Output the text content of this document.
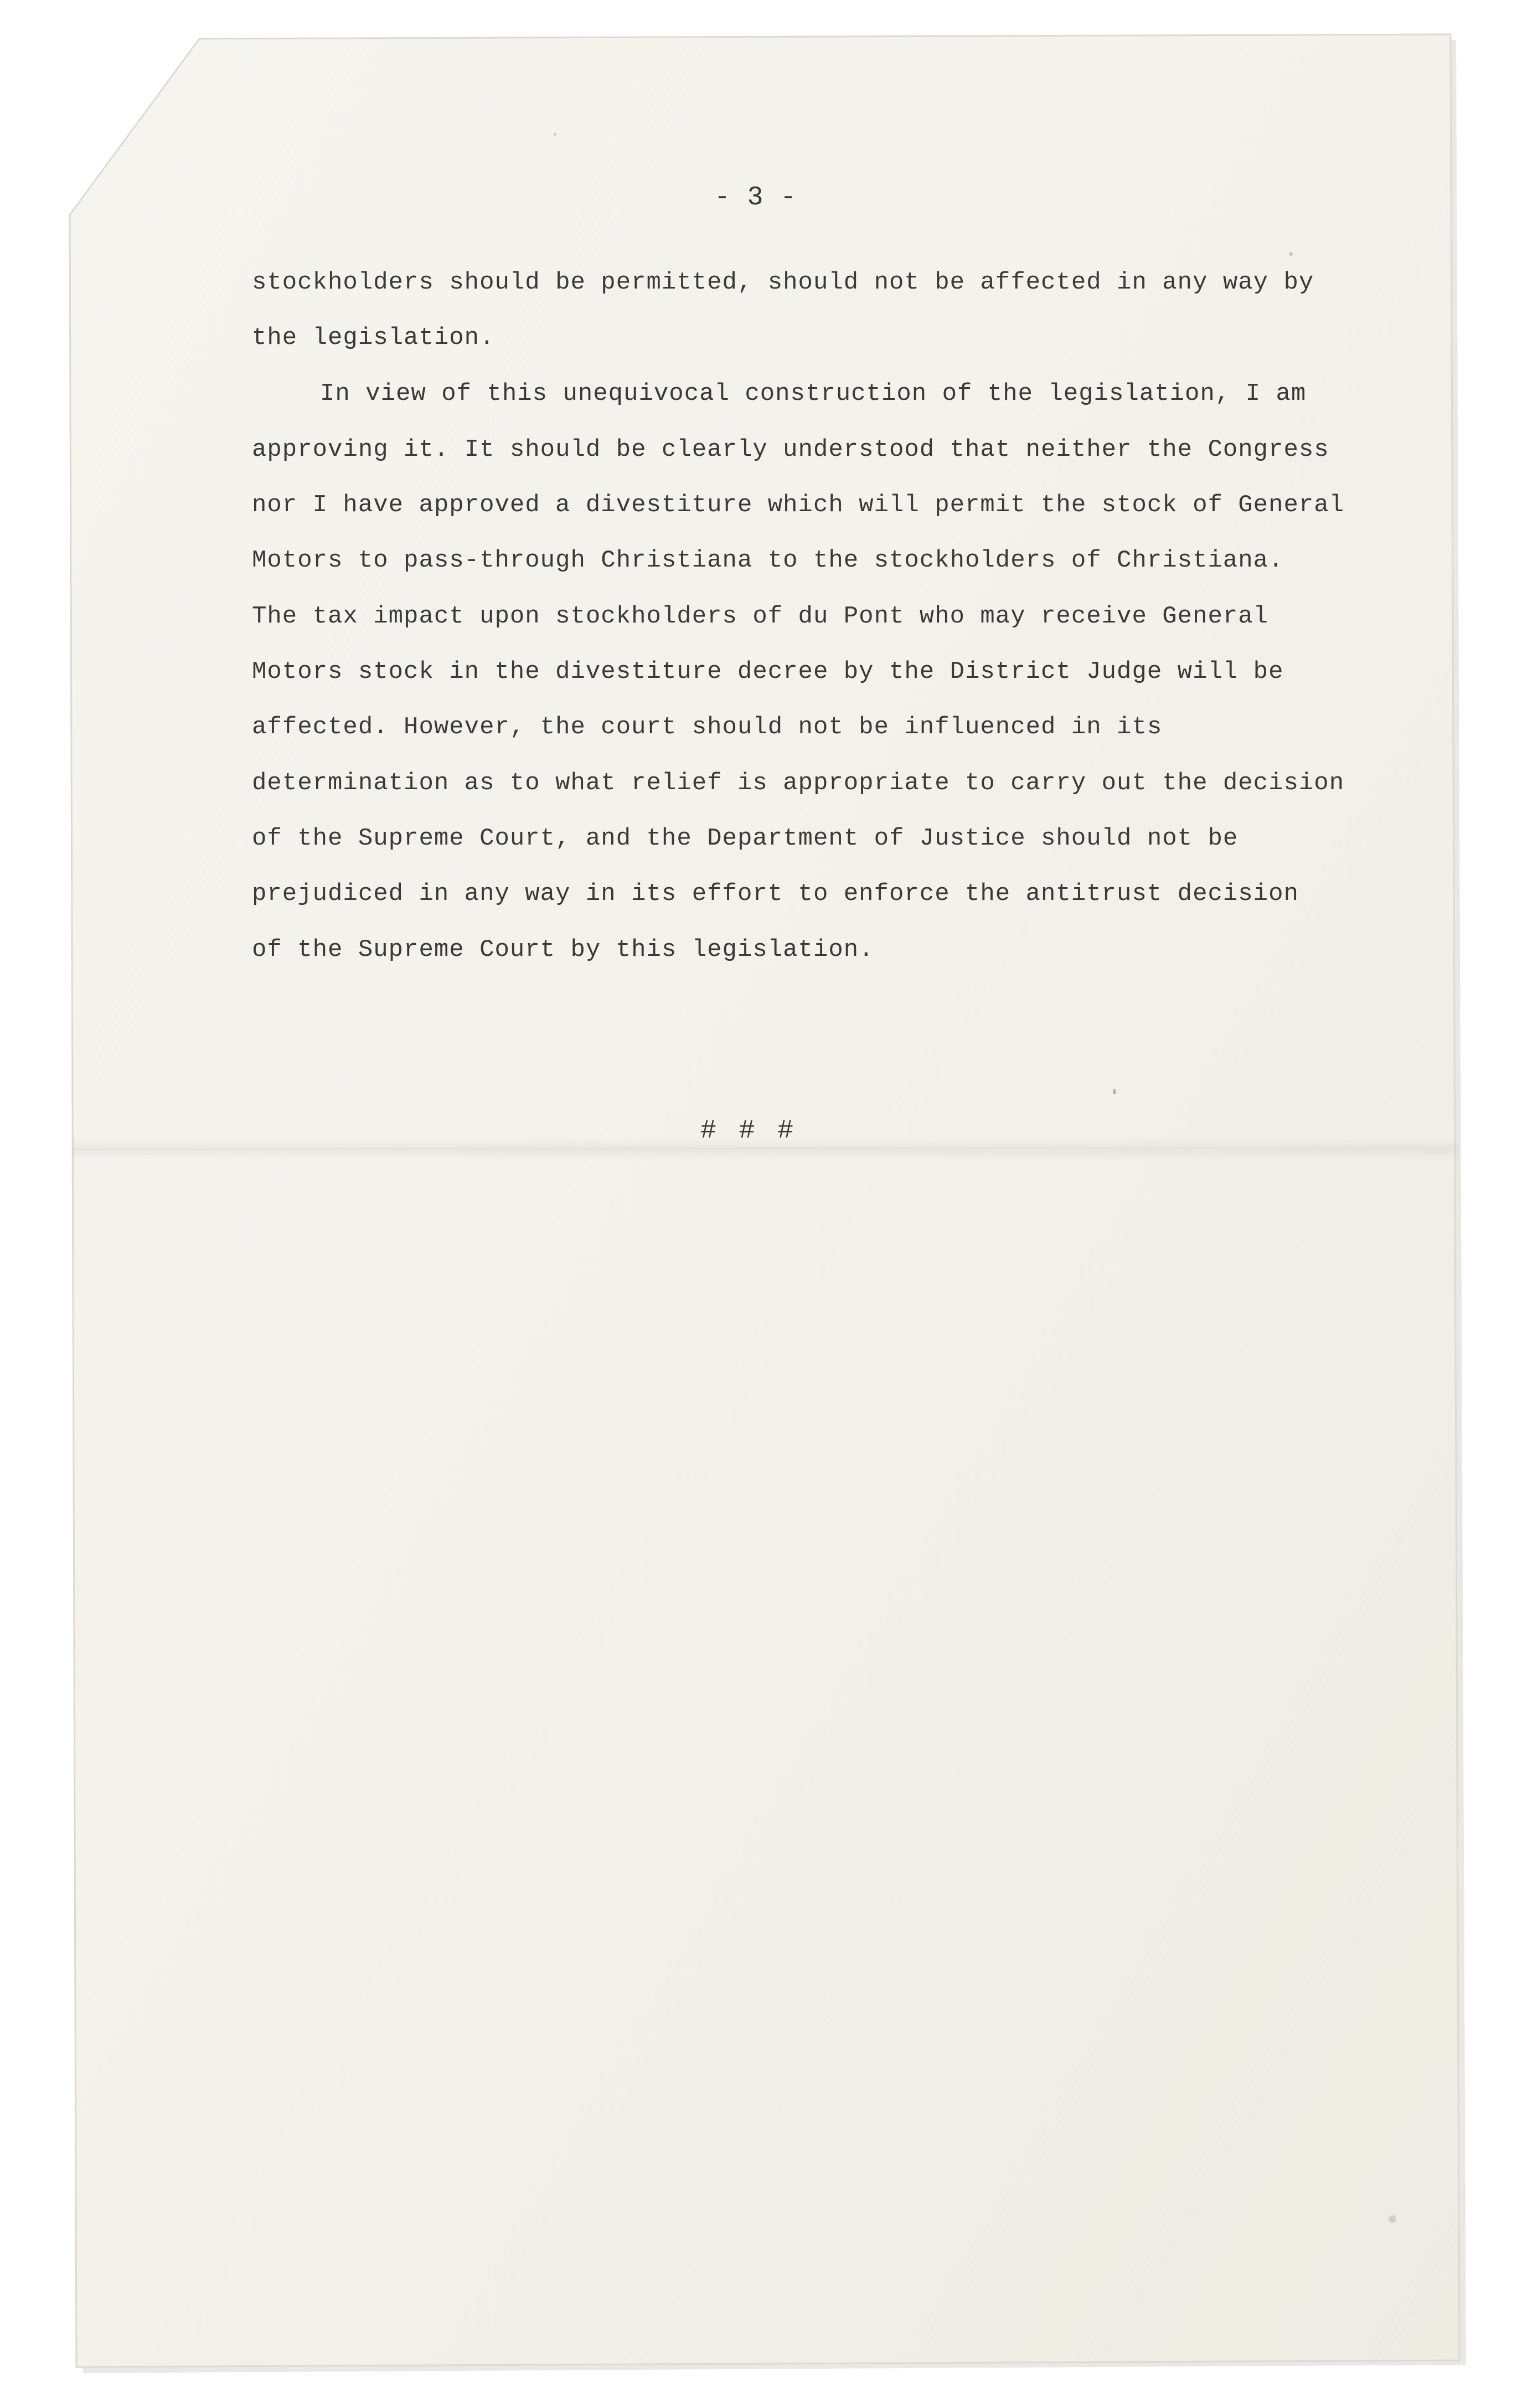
- 3 -

stockholders should be permitted, should not be affected in any way by

the legislation.

In view of this unequivocal construction of the legislation, I am

approving it. It should be clearly understood that neither the Congress

nor I have approved a divestiture which will permit the stock of General

Motors to pass-through Christiana to the stockholders of Christiana.

The tax impact upon stockholders of du Pont who may receive General

Motors stock in the divestiture decree by the District Judge will be

affected. However, the court should not be influenced in its

determination as to what relief is appropriate to carry out the decision

of the Supreme Court, and the Department of Justice should not be

prejudiced in any way in its effort to enforce the antitrust decision

of the Supreme Court by this legislation.

# # #
